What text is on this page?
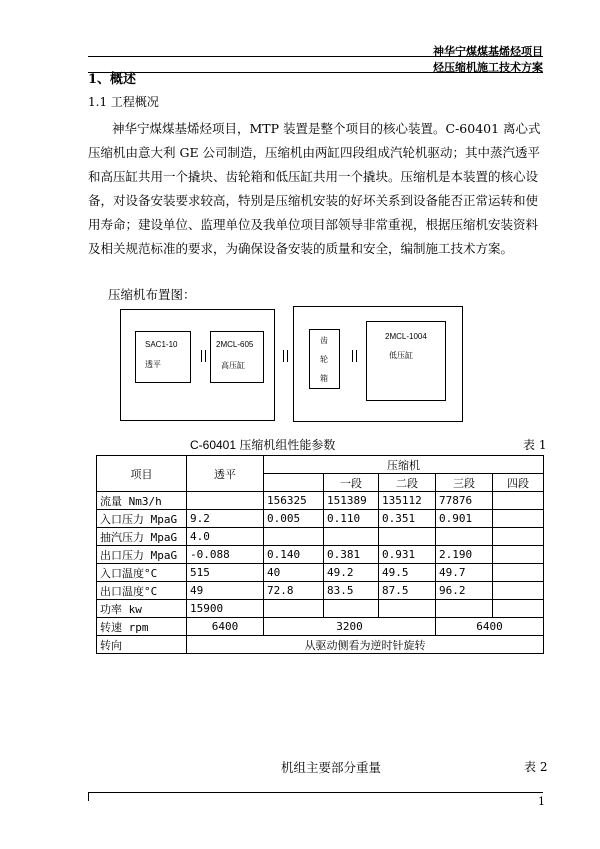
神华宁煤煤基烯烃项目
烃压缩机施工技术方案
1、概述
1.1 工程概况
神华宁煤煤基烯烃项目，MTP 装置是整个项目的核心装置。C-60401 离心式压缩机由意大利 GE 公司制造，压缩机由两缸四段组成汽轮机驱动；其中蒸汽透平和高压缸共用一个撬块、齿轮箱和低压缸共用一个撬块。压缩机是本装置的核心设备，对设备安装要求较高，特别是压缩机安装的好坏关系到设备能否正常运转和使用寿命；建设单位、监理单位及我单位项目部领导非常重视，根据压缩机安装资料及相关规范标准的要求，为确保设备安装的质量和安全，编制施工技术方案。
压缩机布置图：
SAC1-10
透平
2MCL-605
高压缸
齿
轮
箱
2MCL-1004
低压缸
C-60401 压缩机组性能参数	表 1
项目	透平	压缩机				
			一段	二段	三段	四段
流量 Nm3/h		156325	151389	135112	77876	
入口压力 MpaG	9.2	0.005	0.110	0.351	0.901	
抽汽压力 MpaG	4.0					
出口压力 MpaG	-0.088	0.140	0.381	0.931	2.190	
入口温度°C	515	40	49.2	49.5	49.7	
出口温度°C	49	72.8	83.5	87.5	96.2	
功率 kw	15900					
转速 rpm	6400	3200			6400	
转向	从驱动侧看为逆时针旋转					
机组主要部分重量	表 2
1
